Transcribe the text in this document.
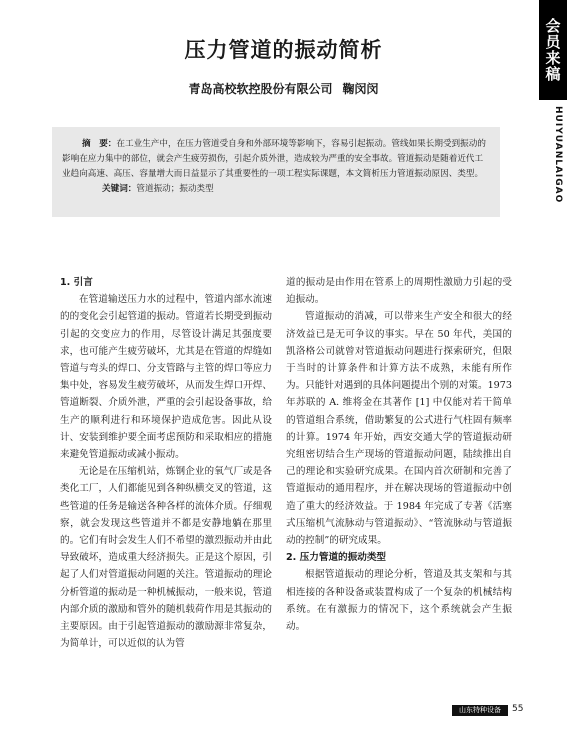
会员来稿
HUIYUANLAIGAO
压力管道的振动简析
青岛高校软控股份有限公司 鞠闵闵

摘　要：在工业生产中，在压力管道受自身和外部环境等影响下，容易引起振动。管线如果长期受到振动的影响在应力集中的部位，就会产生疲劳损伤，引起介质外泄，造成较为严重的安全事故。管道振动是随着近代工业趋向高速、高压、容量增大而日益显示了其重要性的一项工程实际课题，本文简析压力管道振动原因、类型。

关键词：管道振动；振动类型

1. 引言

在管道输送压力水的过程中，管道内部水流速的的变化会引起管道的振动。管道若长期受到振动引起的交变应力的作用，尽管设计满足其强度要求，也可能产生疲劳破坏，尤其是在管道的焊缝如管道与弯头的焊口、分支管路与主管的焊口等应力集中处，容易发生疲劳破坏，从而发生焊口开焊、管道断裂、介质外泄，严重的会引起设备事故，给生产的顺利进行和环境保护造成危害。因此从设计、安装到维护要全面考虑预防和采取相应的措施来避免管道振动或减小振动。

无论是在压缩机站，炼钢企业的氧气厂或是各类化工厂，人们都能见到各种纵横交叉的管道，这些管道的任务是输送各种各样的流体介质。仔细观察，就会发现这些管道并不都是安静地躺在那里的。它们有时会发生人们不希望的激烈振动并由此导致破坏，造成重大经济损失。正是这个原因，引起了人们对管道振动问题的关注。管道振动的理论分析管道的振动是一种机械振动，一般来说，管道内部介质的激励和管外的随机载荷作用是其振动的主要原因。由于引起管道振动的激励源非常复杂，为简单计，可以近似的认为管

道的振动是由作用在管系上的周期性激励力引起的受迫振动。

管道振动的消减，可以带来生产安全和很大的经济效益已是无可争议的事实。早在 50 年代，美国的凯洛格公司就曾对管道振动问题进行探索研究，但限于当时的计算条件和计算方法不成熟，未能有所作为。只能针对遇到的具体问题提出个别的对策。1973 年苏联的 A. 维将金在其著作 [1] 中仅能对若干简单的管道组合系统，借助繁复的公式进行气柱固有频率的计算。1974 年开始，西安交通大学的管道振动研究组密切结合生产现场的管道振动问题，陆续推出自己的理论和实验研究成果。在国内首次研制和完善了管道振动的通用程序，并在解决现场的管道振动中创造了重大的经济效益。于 1984 年完成了专著《活塞式压缩机气流脉动与管道振动》、“管流脉动与管道振动的控制”的研究成果。

2. 压力管道的振动类型

根据管道振动的理论分析，管道及其支架和与其相连接的各种设备或装置构成了一个复杂的机械结构系统。在有激振力的情况下，这个系统就会产生振动。

山东特种设备	55
